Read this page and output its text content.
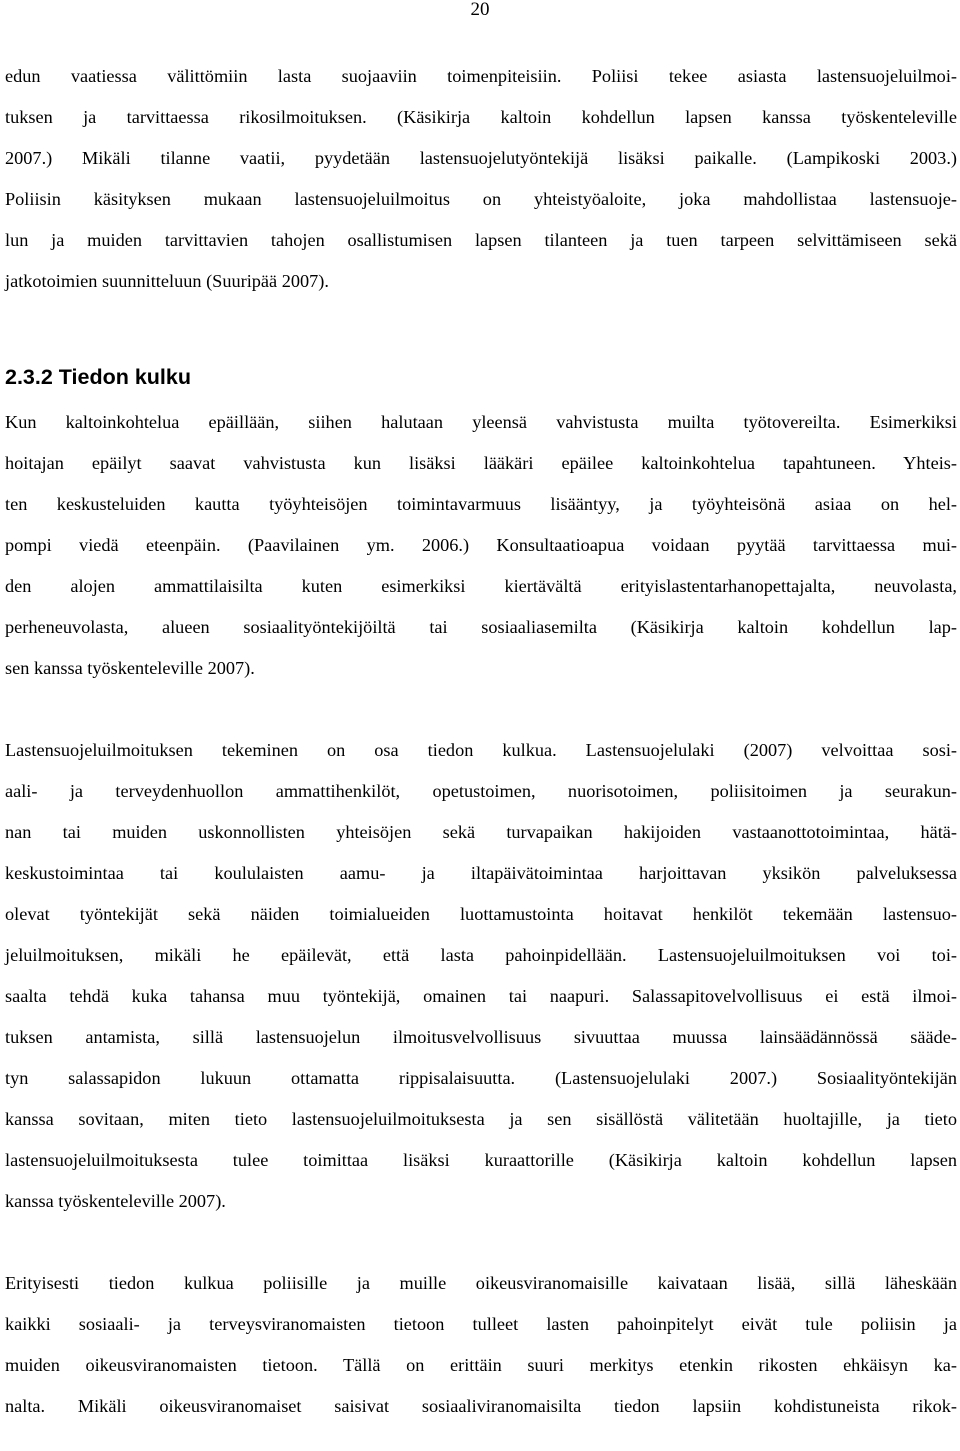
20
edun vaatiessa välittömiin lasta suojaaviin toimenpiteisiin. Poliisi tekee asiasta lastensuojeluilmoi-
tuksen ja tarvittaessa rikosilmoituksen. (Käsikirja kaltoin kohdellun lapsen kanssa työskenteleville
2007.) Mikäli tilanne vaatii, pyydetään lastensuojelutyöntekijä lisäksi paikalle. (Lampikoski 2003.)
Poliisin käsityksen mukaan lastensuojeluilmoitus on yhteistyöaloite, joka mahdollistaa lastensuoje-
lun ja muiden tarvittavien tahojen osallistumisen lapsen tilanteen ja tuen tarpeen selvittämiseen sekä
jatkotoimien suunnitteluun (Suuripää 2007).
2.3.2 Tiedon kulku
Kun kaltoinkohtelua epäillään, siihen halutaan yleensä vahvistusta muilta työtovereilta. Esimerkiksi
hoitajan epäilyt saavat vahvistusta kun lisäksi lääkäri epäilee kaltoinkohtelua tapahtuneen. Yhteis-
ten keskusteluiden kautta työyhteisöjen toimintavarmuus lisääntyy, ja työyhteisönä asiaa on hel-
pompi viedä eteenpäin. (Paavilainen ym. 2006.) Konsultaatioapua voidaan pyytää tarvittaessa mui-
den alojen ammattilaisilta kuten esimerkiksi kiertävältä erityislastentarhanopettajalta, neuvolasta,
perheneuvolasta, alueen sosiaalityöntekijöiltä tai sosiaaliasemilta (Käsikirja kaltoin kohdellun lap-
sen kanssa työskenteleville 2007).
Lastensuojeluilmoituksen tekeminen on osa tiedon kulkua. Lastensuojelulaki (2007) velvoittaa sosi-
aali- ja terveydenhuollon ammattihenkilöt, opetustoimen, nuorisotoimen, poliisitoimen ja seurakun-
nan tai muiden uskonnollisten yhteisöjen sekä turvapaikan hakijoiden vastaanottotoimintaa, hätä-
keskustoimintaa tai koululaisten aamu- ja iltapäivätoimintaa harjoittavan yksikön palveluksessa
olevat työntekijät sekä näiden toimialueiden luottamustointa hoitavat henkilöt tekemään lastensuo-
jeluilmoituksen, mikäli he epäilevät, että lasta pahoinpidellään. Lastensuojeluilmoituksen voi toi-
saalta tehdä kuka tahansa muu työntekijä, omainen tai naapuri. Salassapitovelvollisuus ei estä ilmoi-
tuksen antamista, sillä lastensuojelun ilmoitusvelvollisuus sivuuttaa muussa lainsäädännössä sääde-
tyn salassapidon lukuun ottamatta rippisalaisuutta. (Lastensuojelulaki 2007.) Sosiaalityöntekijän
kanssa sovitaan, miten tieto lastensuojeluilmoituksesta ja sen sisällöstä välitetään huoltajille, ja tieto
lastensuojeluilmoituksesta tulee toimittaa lisäksi kuraattorille (Käsikirja kaltoin kohdellun lapsen
kanssa työskenteleville 2007).
Erityisesti tiedon kulkua poliisille ja muille oikeusviranomaisille kaivataan lisää, sillä läheskään
kaikki sosiaali- ja terveysviranomaisten tietoon tulleet lasten pahoinpitelyt eivät tule poliisin ja
muiden oikeusviranomaisten tietoon. Tällä on erittäin suuri merkitys etenkin rikosten ehkäisyn ka-
nalta. Mikäli oikeusviranomaiset saisivat sosiaaliviranomaisilta tiedon lapsiin kohdistuneista rikok-
